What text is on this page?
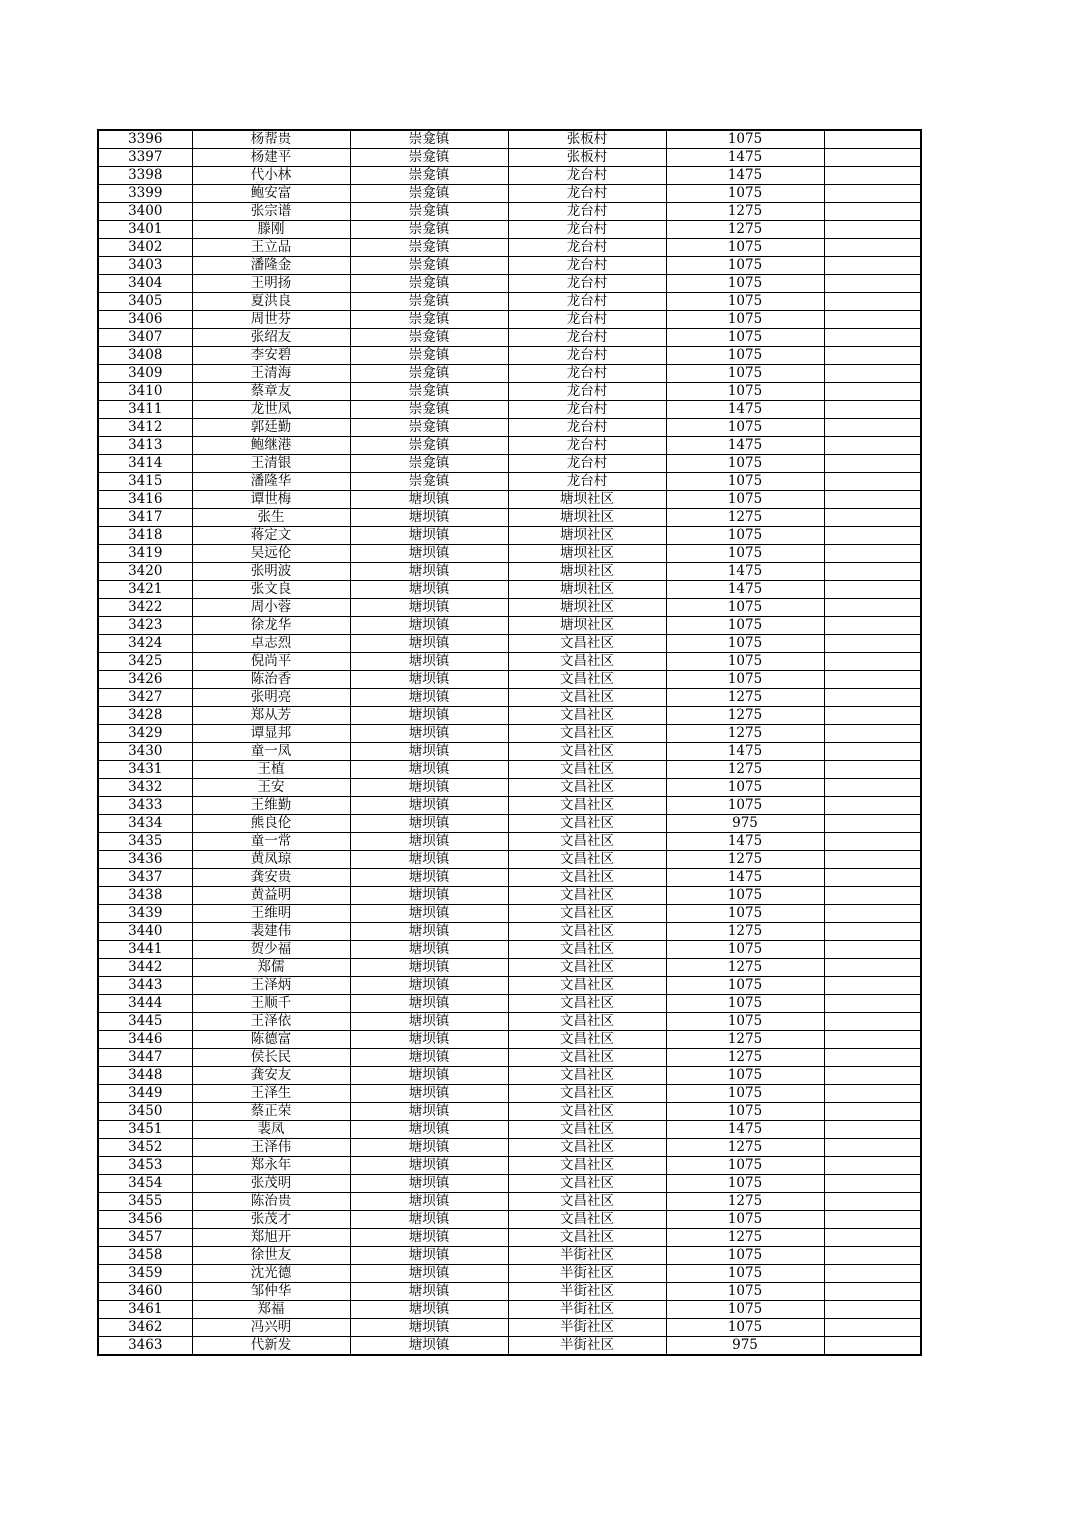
3396	杨帮贵	崇龛镇	张板村	1075	
3397	杨建平	崇龛镇	张板村	1475	
3398	代小林	崇龛镇	龙台村	1475	
3399	鲍安富	崇龛镇	龙台村	1075	
3400	张宗谱	崇龛镇	龙台村	1275	
3401	滕刚	崇龛镇	龙台村	1275	
3402	王立品	崇龛镇	龙台村	1075	
3403	潘隆金	崇龛镇	龙台村	1075	
3404	王明扬	崇龛镇	龙台村	1075	
3405	夏洪良	崇龛镇	龙台村	1075	
3406	周世芬	崇龛镇	龙台村	1075	
3407	张绍友	崇龛镇	龙台村	1075	
3408	李安碧	崇龛镇	龙台村	1075	
3409	王清海	崇龛镇	龙台村	1075	
3410	蔡章友	崇龛镇	龙台村	1075	
3411	龙世凤	崇龛镇	龙台村	1475	
3412	郭廷勤	崇龛镇	龙台村	1075	
3413	鲍继港	崇龛镇	龙台村	1475	
3414	王清银	崇龛镇	龙台村	1075	
3415	潘隆华	崇龛镇	龙台村	1075	
3416	谭世梅	塘坝镇	塘坝社区	1075	
3417	张生	塘坝镇	塘坝社区	1275	
3418	蒋定文	塘坝镇	塘坝社区	1075	
3419	吴远伦	塘坝镇	塘坝社区	1075	
3420	张明波	塘坝镇	塘坝社区	1475	
3421	张文良	塘坝镇	塘坝社区	1475	
3422	周小蓉	塘坝镇	塘坝社区	1075	
3423	徐龙华	塘坝镇	塘坝社区	1075	
3424	卓志烈	塘坝镇	文昌社区	1075	
3425	倪尚平	塘坝镇	文昌社区	1075	
3426	陈治香	塘坝镇	文昌社区	1075	
3427	张明亮	塘坝镇	文昌社区	1275	
3428	郑从芳	塘坝镇	文昌社区	1275	
3429	谭显邦	塘坝镇	文昌社区	1275	
3430	童一凤	塘坝镇	文昌社区	1475	
3431	王植	塘坝镇	文昌社区	1275	
3432	王安	塘坝镇	文昌社区	1075	
3433	王维勤	塘坝镇	文昌社区	1075	
3434	熊良伦	塘坝镇	文昌社区	975	
3435	童一常	塘坝镇	文昌社区	1475	
3436	黄凤琼	塘坝镇	文昌社区	1275	
3437	龚安贵	塘坝镇	文昌社区	1475	
3438	黄益明	塘坝镇	文昌社区	1075	
3439	王维明	塘坝镇	文昌社区	1075	
3440	裴建伟	塘坝镇	文昌社区	1275	
3441	贺少福	塘坝镇	文昌社区	1075	
3442	郑儒	塘坝镇	文昌社区	1275	
3443	王泽炳	塘坝镇	文昌社区	1075	
3444	王顺千	塘坝镇	文昌社区	1075	
3445	王泽依	塘坝镇	文昌社区	1075	
3446	陈德富	塘坝镇	文昌社区	1275	
3447	侯长民	塘坝镇	文昌社区	1275	
3448	龚安友	塘坝镇	文昌社区	1075	
3449	王泽生	塘坝镇	文昌社区	1075	
3450	蔡正荣	塘坝镇	文昌社区	1075	
3451	裴凤	塘坝镇	文昌社区	1475	
3452	王泽伟	塘坝镇	文昌社区	1275	
3453	郑永年	塘坝镇	文昌社区	1075	
3454	张茂明	塘坝镇	文昌社区	1075	
3455	陈治贵	塘坝镇	文昌社区	1275	
3456	张茂才	塘坝镇	文昌社区	1075	
3457	郑旭开	塘坝镇	文昌社区	1275	
3458	徐世友	塘坝镇	半街社区	1075	
3459	沈光德	塘坝镇	半街社区	1075	
3460	邹仲华	塘坝镇	半街社区	1075	
3461	郑福	塘坝镇	半街社区	1075	
3462	冯兴明	塘坝镇	半街社区	1075	
3463	代新发	塘坝镇	半街社区	975	
